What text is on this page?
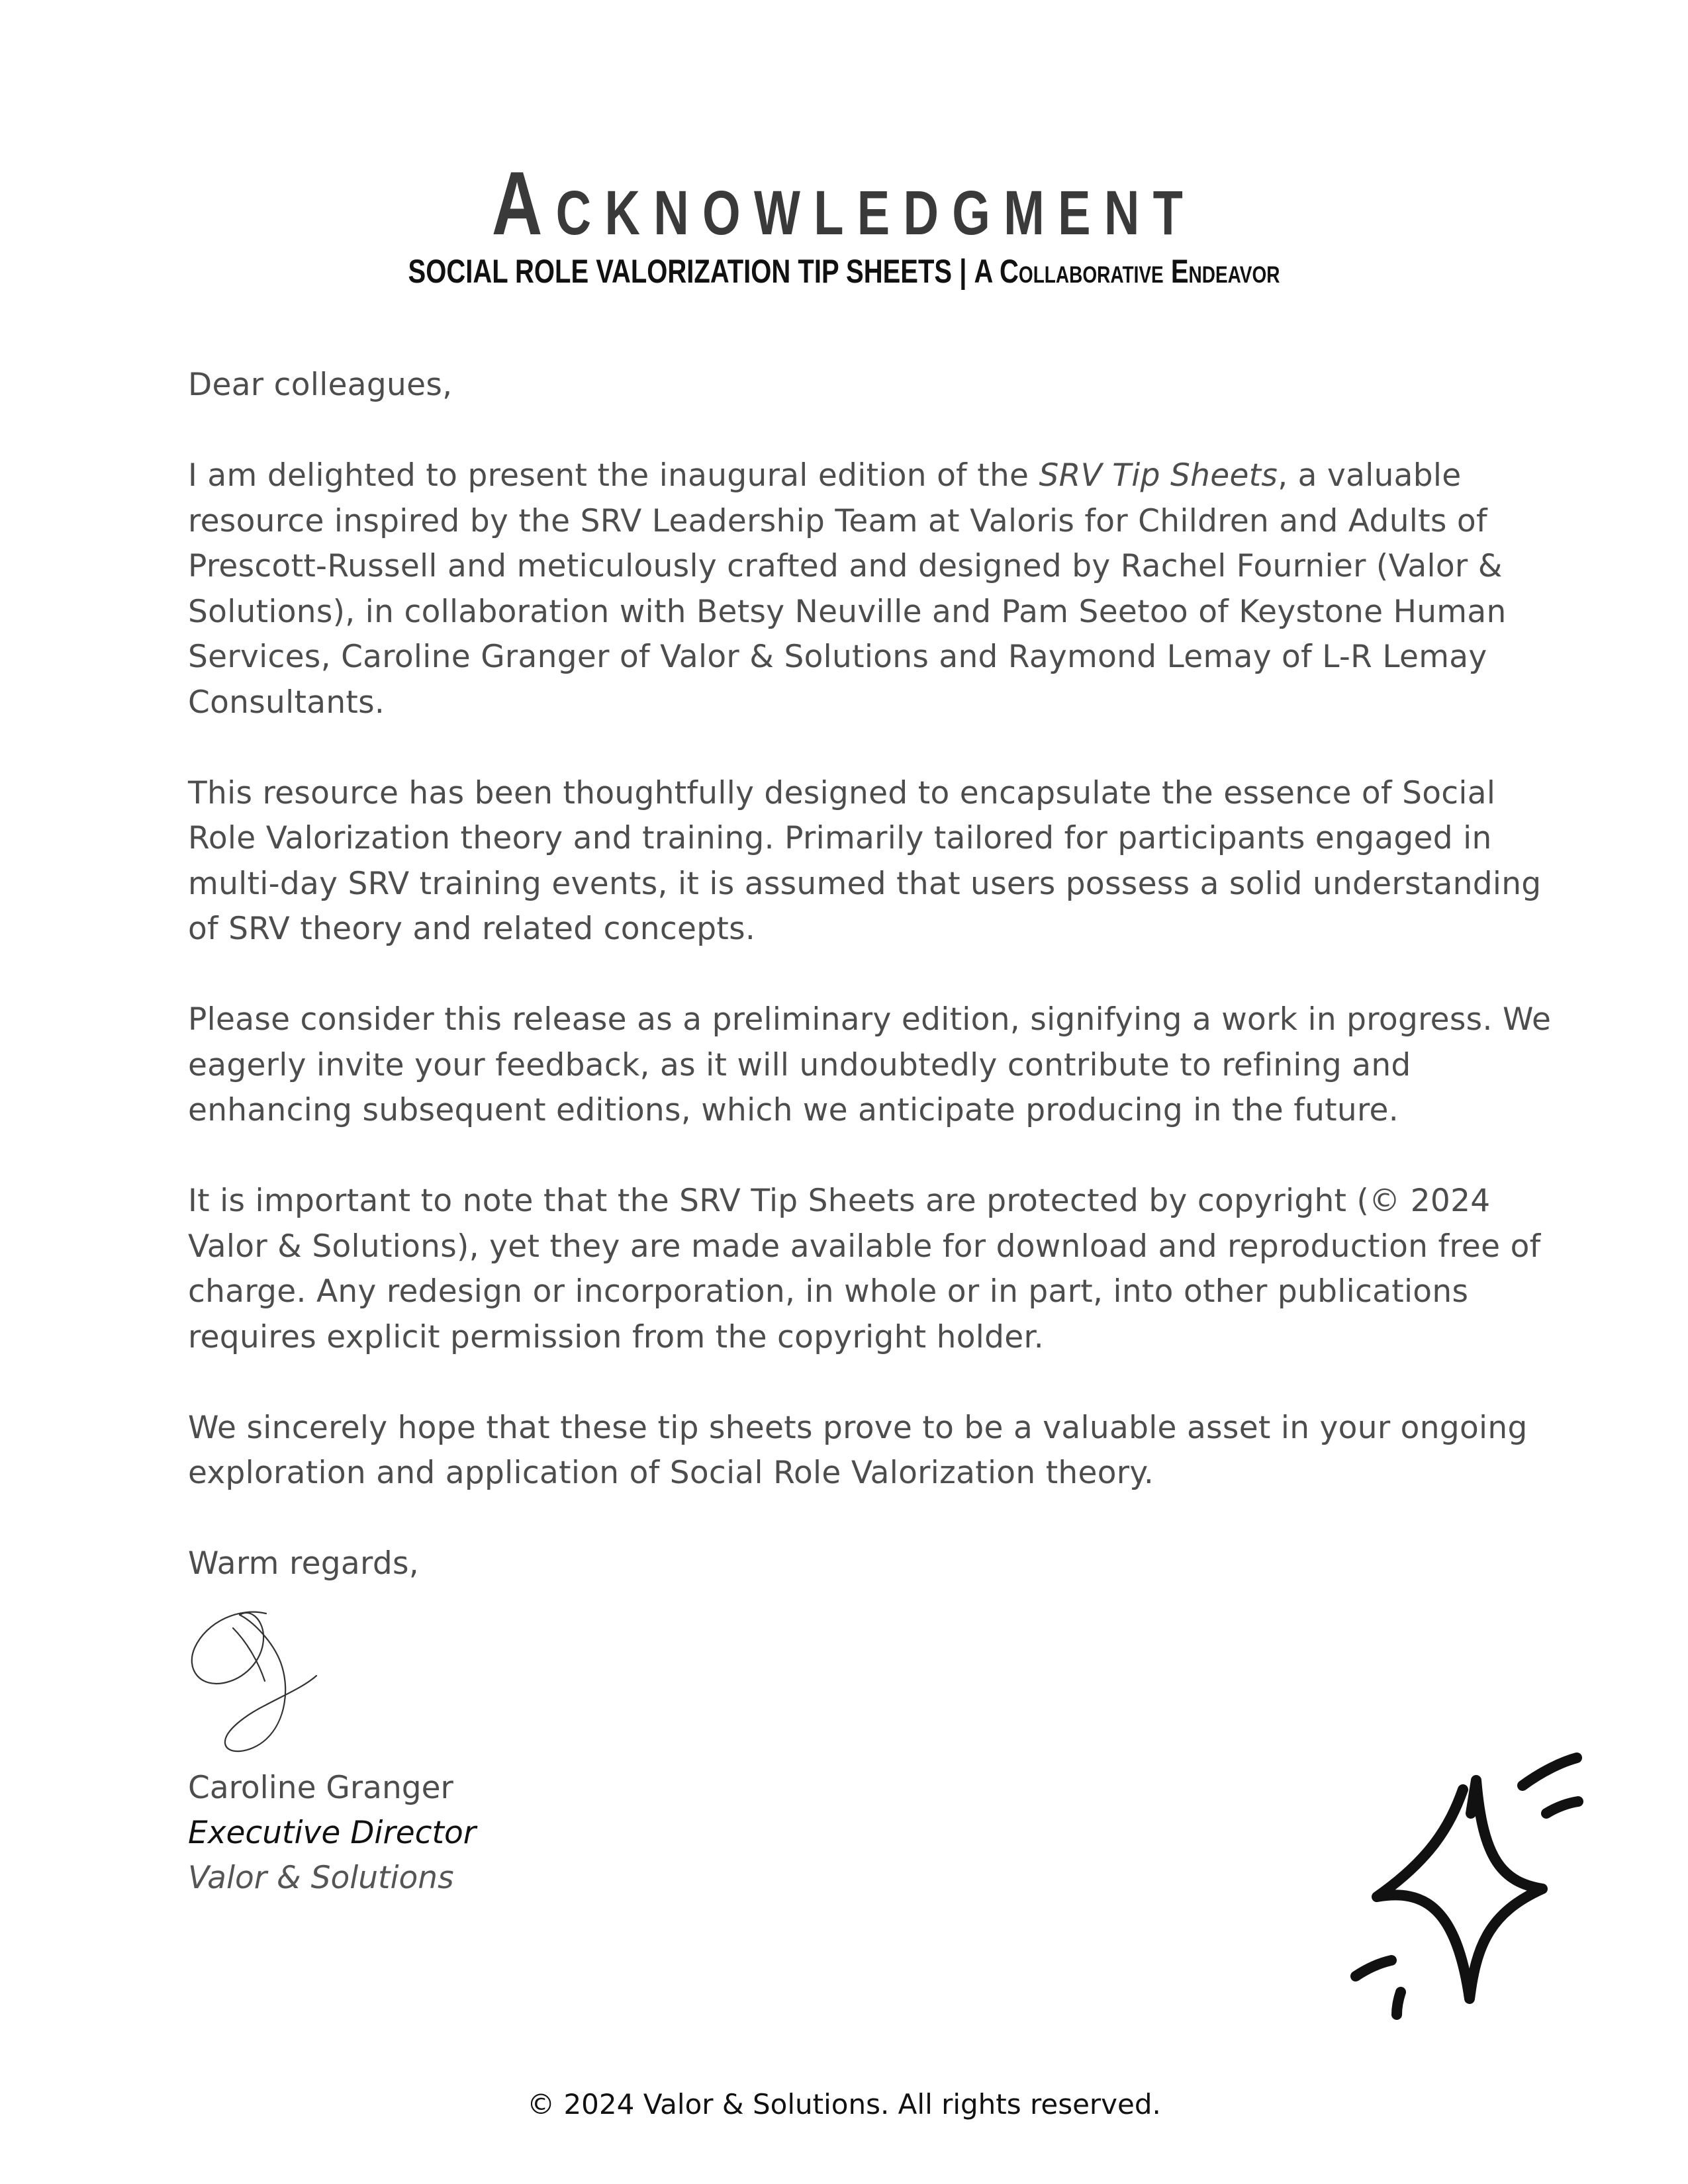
Acknowledgment
SOCIAL ROLE VALORIZATION TIP SHEETS | A Collaborative Endeavor

Dear colleagues,

I am delighted to present the inaugural edition of the SRV Tip Sheets, a valuable resource inspired by the SRV Leadership Team at Valoris for Children and Adults of Prescott-Russell and meticulously crafted and designed by Rachel Fournier (Valor & Solutions), in collaboration with Betsy Neuville and Pam Seetoo of Keystone Human Services, Caroline Granger of Valor & Solutions and Raymond Lemay of L-R Lemay Consultants.

This resource has been thoughtfully designed to encapsulate the essence of Social Role Valorization theory and training. Primarily tailored for participants engaged in multi-day SRV training events, it is assumed that users possess a solid understanding of SRV theory and related concepts.

Please consider this release as a preliminary edition, signifying a work in progress. We eagerly invite your feedback, as it will undoubtedly contribute to refining and enhancing subsequent editions, which we anticipate producing in the future.

It is important to note that the SRV Tip Sheets are protected by copyright (© 2024 Valor & Solutions), yet they are made available for download and reproduction free of charge. Any redesign or incorporation, in whole or in part, into other publications requires explicit permission from the copyright holder.

We sincerely hope that these tip sheets prove to be a valuable asset in your ongoing exploration and application of Social Role Valorization theory.

Warm regards,

Caroline Granger
Executive Director
Valor & Solutions
© 2024 Valor & Solutions. All rights reserved.
